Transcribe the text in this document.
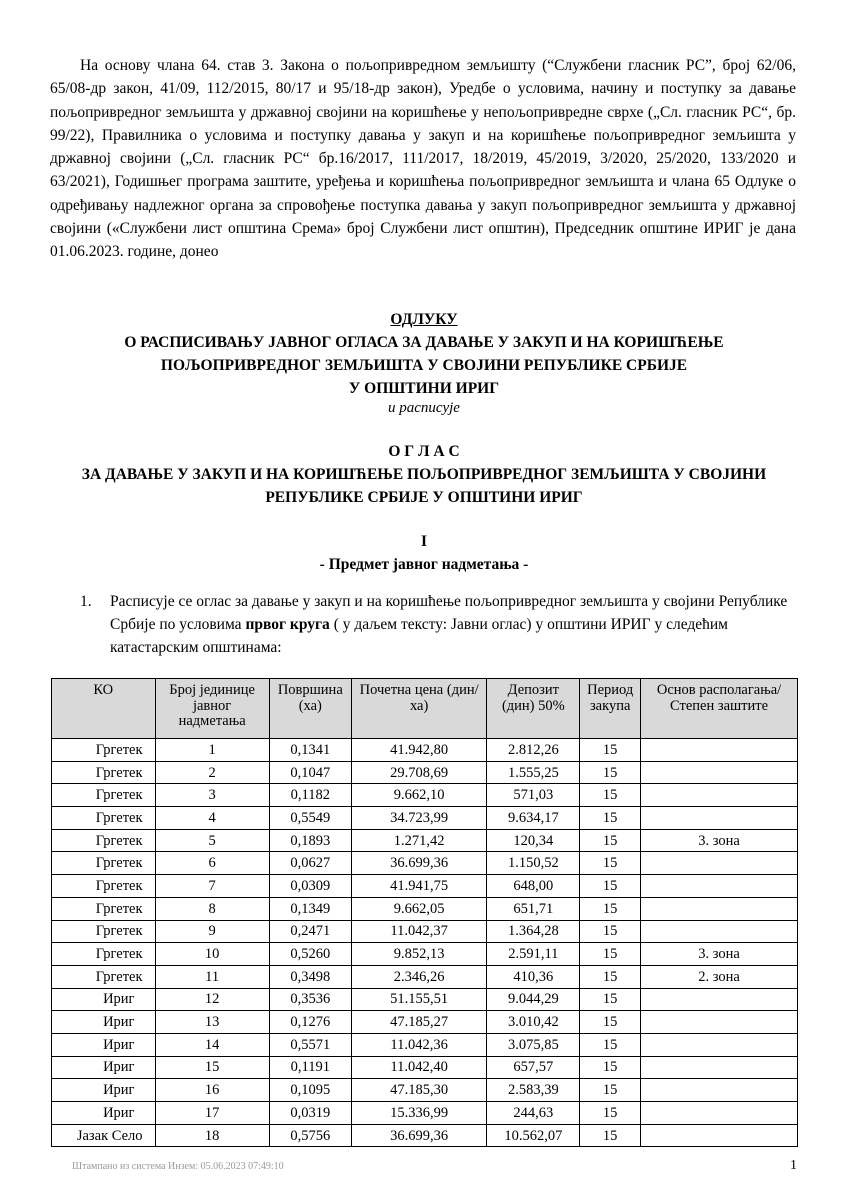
На основу члана 64. став 3. Закона о пољопривредном земљишту (“Службени гласник РС”, број 62/06, 65/08-др закон, 41/09, 112/2015, 80/17 и 95/18-др закон), Уредбе о условима, начину и поступку за давање пољопривредног земљишта у државној својини на коришћење у непољопривредне сврхе („Сл. гласник РС“, бр. 99/22), Правилника о условима и поступку давања у закуп и на коришћење пољопривредног земљишта у државној својини („Сл. гласник РС“ бр.16/2017, 111/2017, 18/2019, 45/2019, 3/2020, 25/2020, 133/2020 и 63/2021), Годишњег програма заштите, уређења и коришћења пољопривредног земљишта и члана 65 Одлуке о одређивању надлежног органа за спровођење поступка давања у закуп пољопривредног земљишта у државној својини («Службени лист општина Срема» број Службени лист општин), Председник општине ИРИГ је дана 01.06.2023. године, донео

ОДЛУКУ
О РАСПИСИВАЊУ ЈАВНОГ ОГЛАСА ЗА ДАВАЊЕ У ЗАКУП И НА КОРИШЋЕЊЕ
ПОЉОПРИВРЕДНОГ ЗЕМЉИШТА У СВОЈИНИ РЕПУБЛИКЕ СРБИЈЕ
У ОПШТИНИ ИРИГ
и расписује
О Г Л А С
ЗА ДАВАЊЕ У ЗАКУП И НА КОРИШЋЕЊЕ ПОЉОПРИВРЕДНОГ ЗЕМЉИШТА У СВОЈИНИ
РЕПУБЛИКЕ СРБИЈЕ У ОПШТИНИ ИРИГ
I
- Предмет јавног надметања -
1. Расписује се оглас за давање у закуп и на коришћење пољопривредног земљишта у својини Републике Србије по условима првог круга ( у даљем тексту: Јавни оглас) у општини ИРИГ у следећим катастарским општинама:
КО	Број јединице јавног надметања	Површина (ха)	Почетна цена (дин/ха)	Депозит (дин) 50%	Период закупа	Основ располагања/Степен заштите
Гргетек	1	0,1341	41.942,80	2.812,26	15	
Гргетек	2	0,1047	29.708,69	1.555,25	15	
Гргетек	3	0,1182	9.662,10	571,03	15	
Гргетек	4	0,5549	34.723,99	9.634,17	15	
Гргетек	5	0,1893	1.271,42	120,34	15	3. зона
Гргетек	6	0,0627	36.699,36	1.150,52	15	
Гргетек	7	0,0309	41.941,75	648,00	15	
Гргетек	8	0,1349	9.662,05	651,71	15	
Гргетек	9	0,2471	11.042,37	1.364,28	15	
Гргетек	10	0,5260	9.852,13	2.591,11	15	3. зона
Гргетек	11	0,3498	2.346,26	410,36	15	2. зона
Ириг	12	0,3536	51.155,51	9.044,29	15	
Ириг	13	0,1276	47.185,27	3.010,42	15	
Ириг	14	0,5571	11.042,36	3.075,85	15	
Ириг	15	0,1191	11.042,40	657,57	15	
Ириг	16	0,1095	47.185,30	2.583,39	15	
Ириг	17	0,0319	15.336,99	244,63	15	
Јазак Село	18	0,5756	36.699,36	10.562,07	15	
Штампано из система Инзем: 05.06.2023 07:49:10	1
